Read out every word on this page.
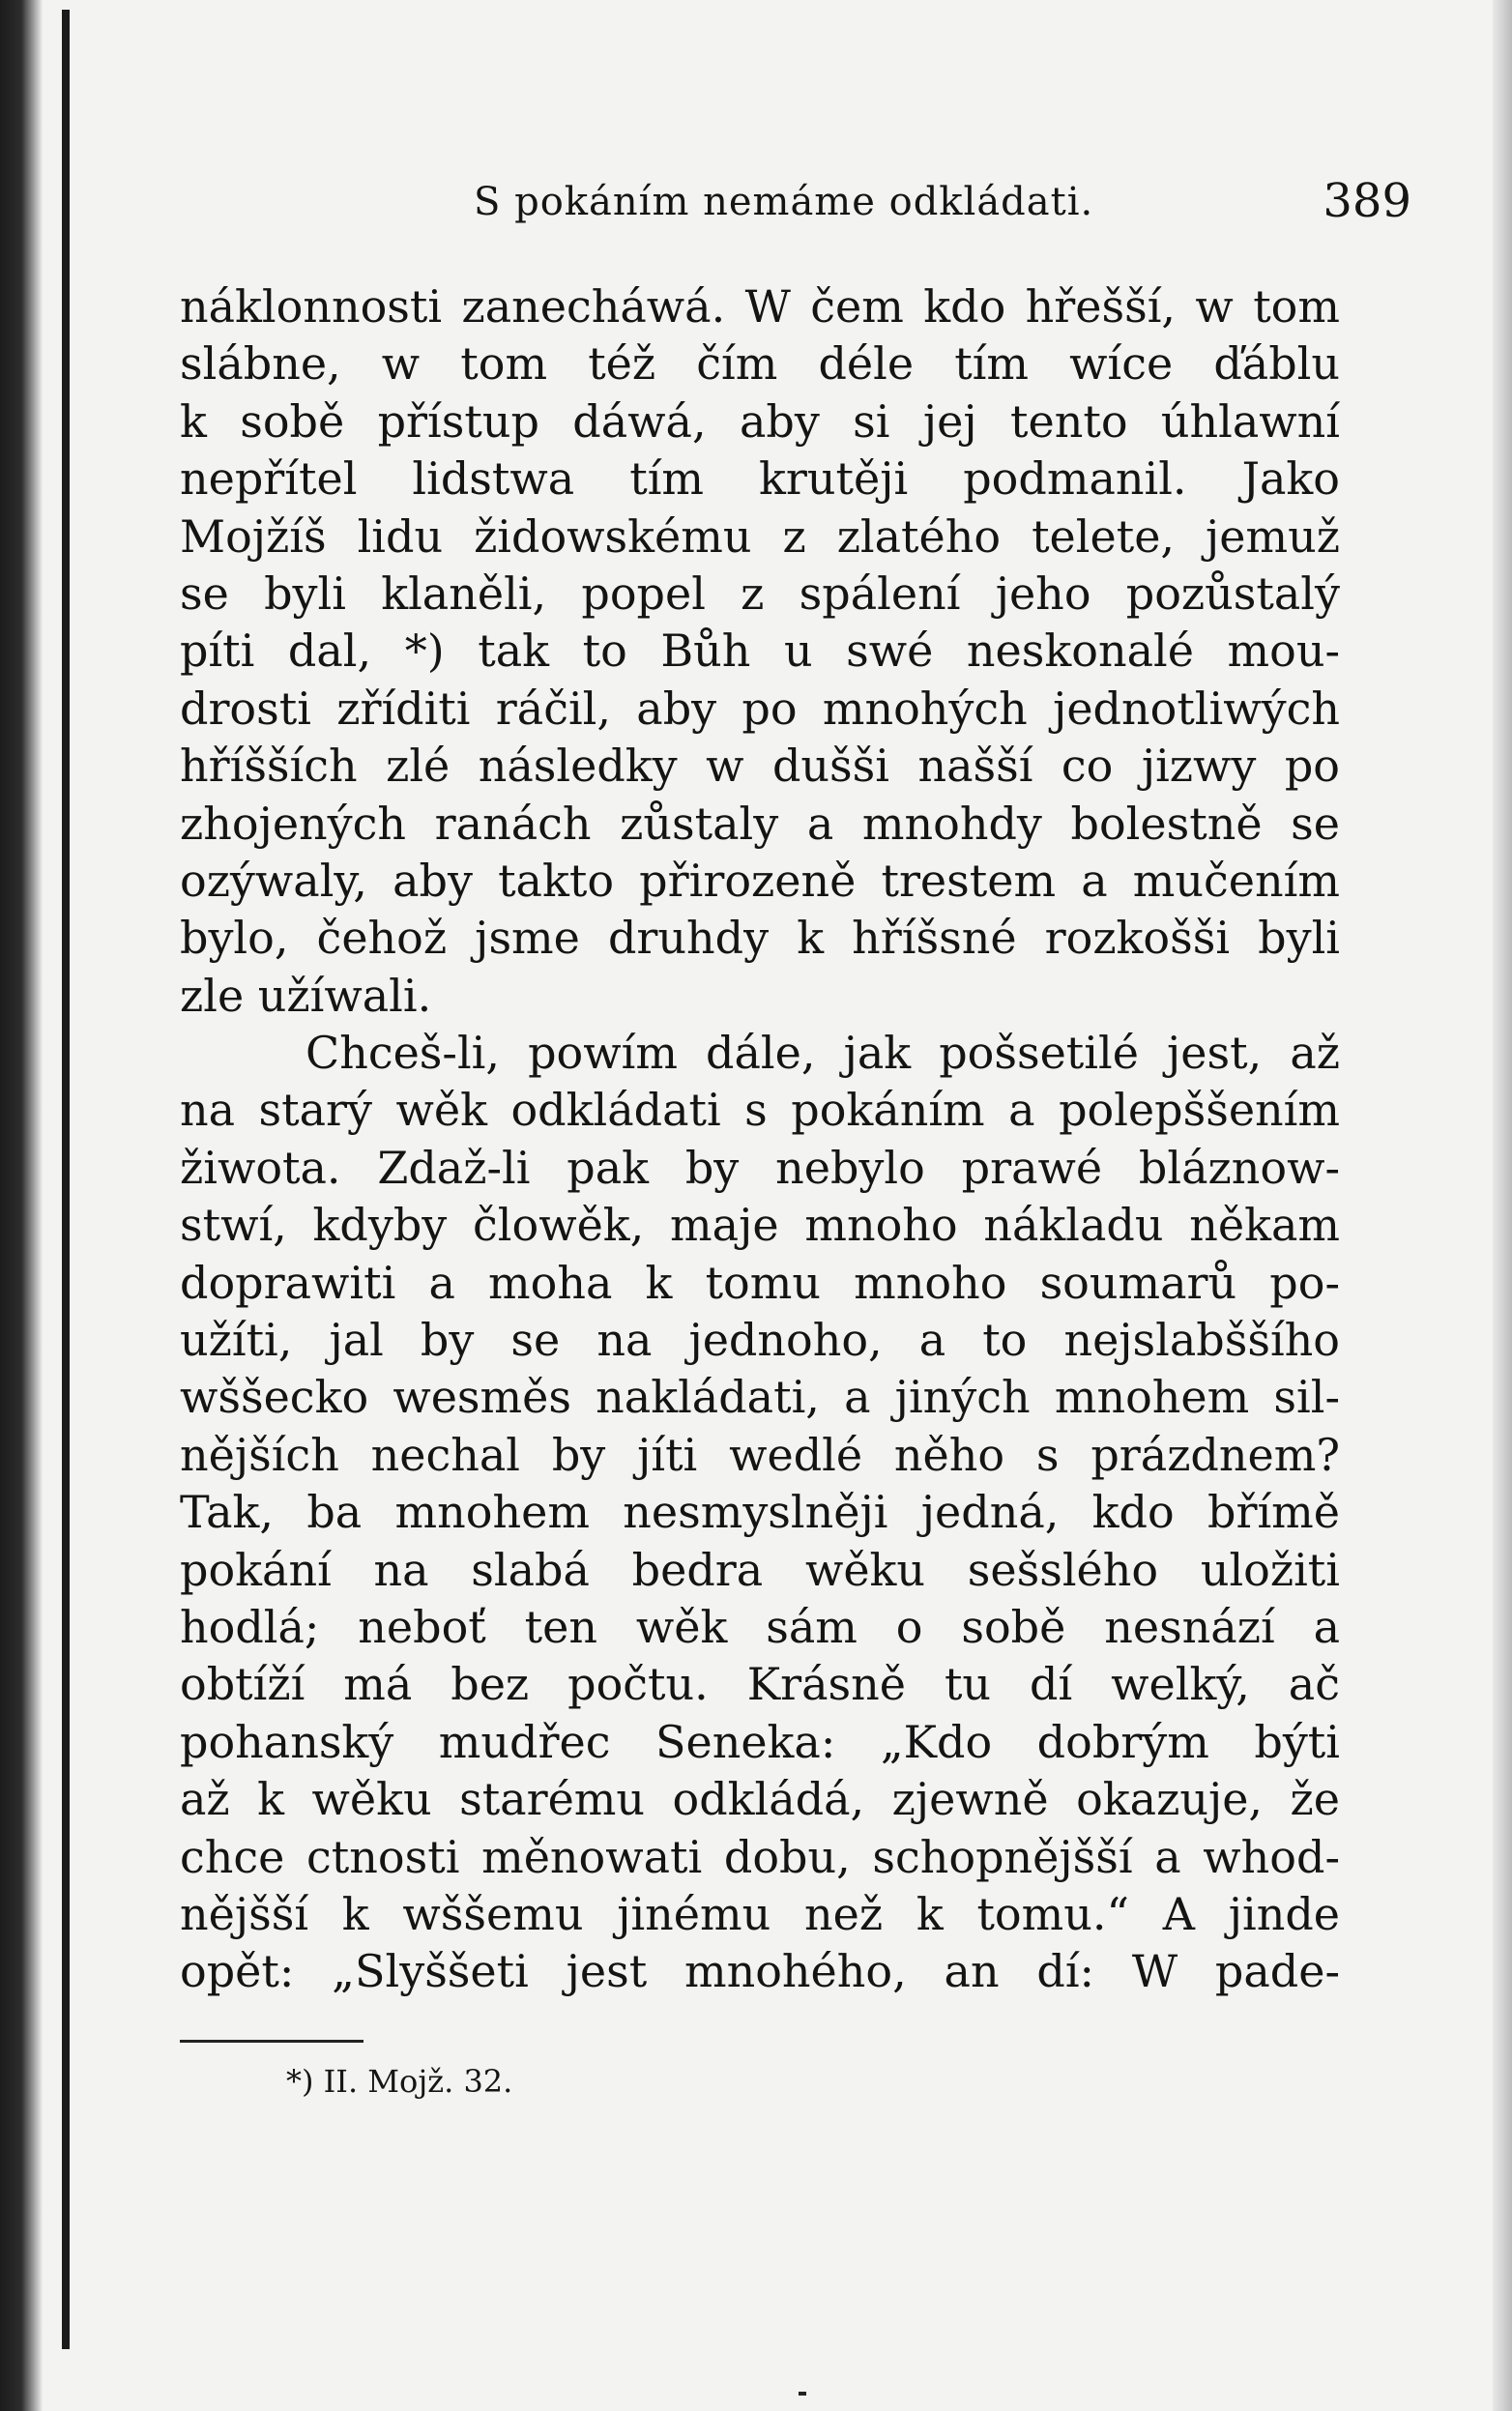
S pokáním nemáme odkládati.	389
náklonnosti zanecháwá. W čem kdo hřešší, w tom
slábne, w tom též čím déle tím wíce ďáblu
k sobě přístup dáwá, aby si jej tento úhlawní
nepřítel lidstwa tím krutěji podmanil. Jako
Mojžíš lidu židowskému z zlatého telete, jemuž
se byli klaněli, popel z spálení jeho pozůstalý
píti dal, *) tak to Bůh u swé neskonalé mou-
drosti zříditi ráčil, aby po mnohých jednotliwých
hříšších zlé následky w dušši našší co jizwy po
zhojených ranách zůstaly a mnohdy bolestně se
ozýwaly, aby takto přirozeně trestem a mučením
bylo, čehož jsme druhdy k hříšsné rozkošši byli
zle užíwali.
Chceš-li, powím dále, jak pošsetilé jest, až
na starý wěk odkládati s pokáním a polepššením
žiwota. Zdaž-li pak by nebylo prawé bláznow-
stwí, kdyby člowěk, maje mnoho nákladu někam
doprawiti a moha k tomu mnoho soumarů po-
užíti, jal by se na jednoho, a to nejslabššího
wššecko wesměs nakládati, a jiných mnohem sil-
nějších nechal by jíti wedlé něho s prázdnem?
Tak, ba mnohem nesmyslněji jedná, kdo břímě
pokání na slabá bedra wěku sešslého uložiti
hodlá; neboť ten wěk sám o sobě nesnází a
obtíží má bez počtu. Krásně tu dí welký, ač
pohanský mudřec Seneka: „Kdo dobrým býti
až k wěku starému odkládá, zjewně okazuje, že
chce ctnosti měnowati dobu, schopnějšší a whod-
nějšší k wššemu jinému než k tomu.“ A jinde
opět: „Slyššeti jest mnohého, an dí: W pade-
*) II. Mojž. 32.
